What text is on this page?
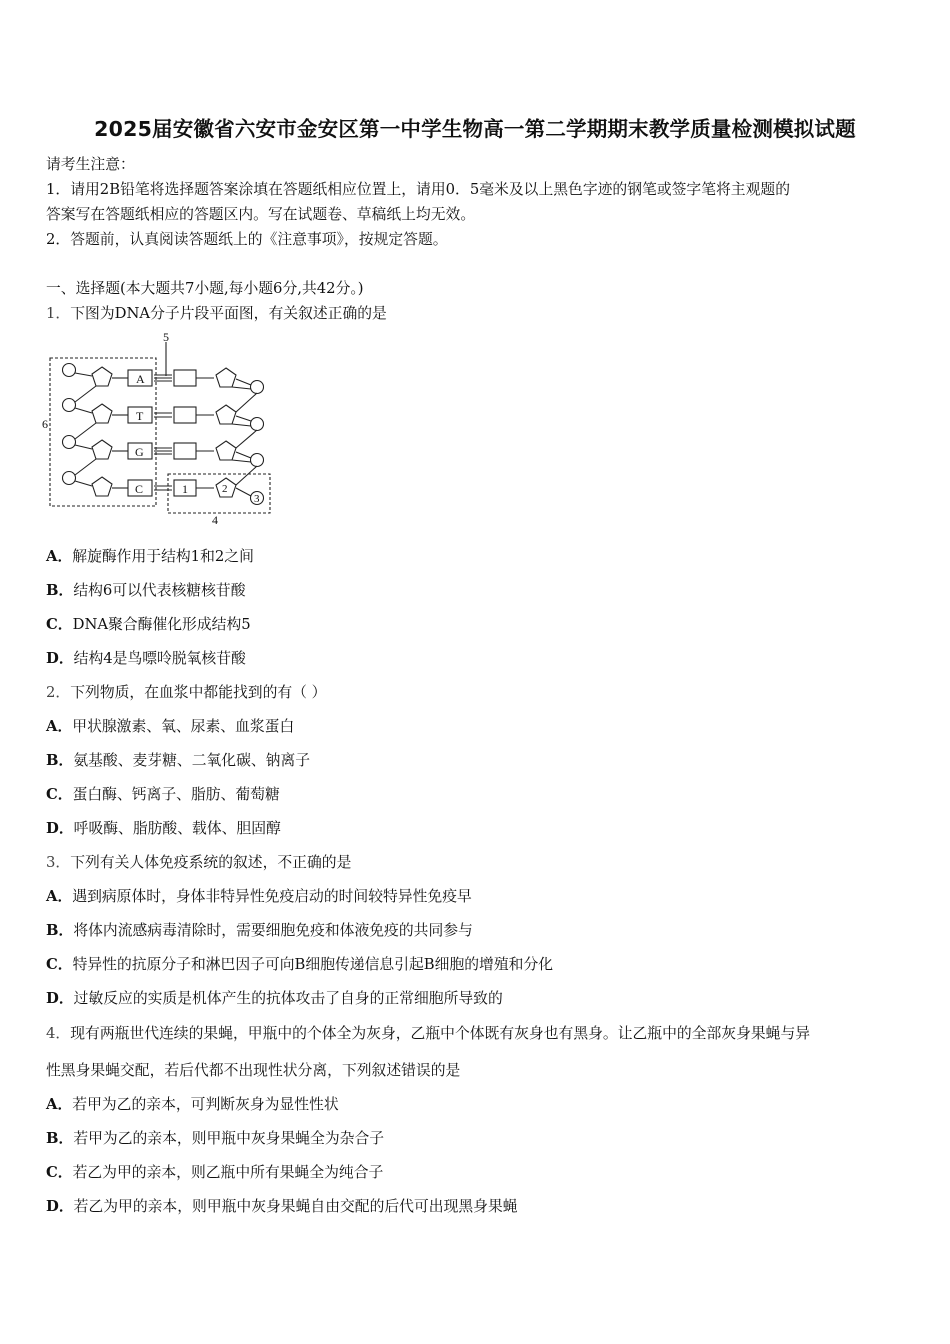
2025届安徽省六安市金安区第一中学生物高一第二学期期末教学质量检测模拟试题
请考生注意：
1．请用2B铅笔将选择题答案涂填在答题纸相应位置上，请用0．5毫米及以上黑色字迹的钢笔或签字笔将主观题的
答案写在答题纸相应的答题区内。写在试题卷、草稿纸上均无效。
2．答题前，认真阅读答题纸上的《注意事项》，按规定答题。
一、选择题(本大题共7小题,每小题6分,共42分。)
1．下图为DNA分子片段平面图，有关叙述正确的是
A
T
G
C	1	2
3
4
5
6
A．解旋酶作用于结构1和2之间
B．结构6可以代表核糖核苷酸
C．DNA聚合酶催化形成结构5
D．结构4是鸟嘌呤脱氧核苷酸
2．下列物质，在血浆中都能找到的有（ ）
A．甲状腺激素、氧、尿素、血浆蛋白
B．氨基酸、麦芽糖、二氧化碳、钠离子
C．蛋白酶、钙离子、脂肪、葡萄糖
D．呼吸酶、脂肪酸、载体、胆固醇
3．下列有关人体免疫系统的叙述，不正确的是
A．遇到病原体时，身体非特异性免疫启动的时间较特异性免疫早
B．将体内流感病毒清除时，需要细胞免疫和体液免疫的共同参与
C．特异性的抗原分子和淋巴因子可向B细胞传递信息引起B细胞的增殖和分化
D．过敏反应的实质是机体产生的抗体攻击了自身的正常细胞所导致的
4．现有两瓶世代连续的果蝇，甲瓶中的个体全为灰身，乙瓶中个体既有灰身也有黑身。让乙瓶中的全部灰身果蝇与异
性黑身果蝇交配，若后代都不出现性状分离，下列叙述错误的是
A．若甲为乙的亲本，可判断灰身为显性性状
B．若甲为乙的亲本，则甲瓶中灰身果蝇全为杂合子
C．若乙为甲的亲本，则乙瓶中所有果蝇全为纯合子
D．若乙为甲的亲本，则甲瓶中灰身果蝇自由交配的后代可出现黑身果蝇
